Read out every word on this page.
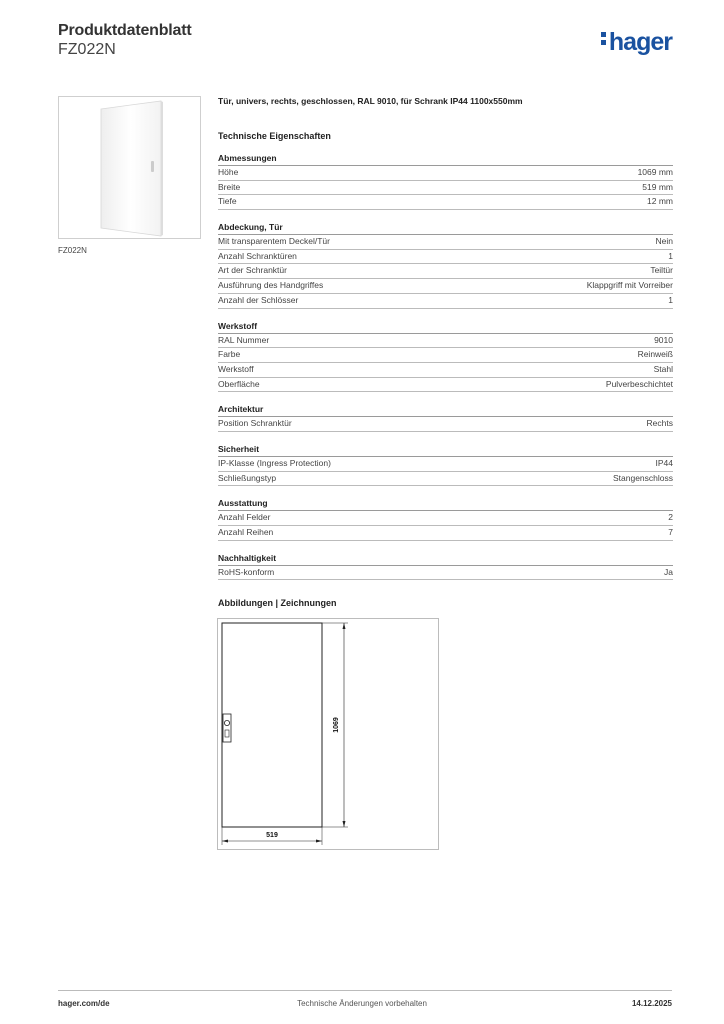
Produktdatenblatt
FZ022N	hager
FZ022N
Tür, univers, rechts, geschlossen, RAL 9010, für Schrank IP44 1100x550mm
Technische Eigenschaften
Abmessungen
Höhe	1069 mm
Breite	519 mm
Tiefe	12 mm
Abdeckung, Tür
Mit transparentem Deckel/Tür	Nein
Anzahl Schranktüren	1
Art der Schranktür	Teiltür
Ausführung des Handgriffes	Klappgriff mit Vorreiber
Anzahl der Schlösser	1
Werkstoff
RAL Nummer	9010
Farbe	Reinweiß
Werkstoff	Stahl
Oberfläche	Pulverbeschichtet
Architektur
Position Schranktür	Rechts
Sicherheit
IP-Klasse (Ingress Protection)	IP44
Schließungstyp	Stangenschloss
Ausstattung
Anzahl Felder	2
Anzahl Reihen	7
Nachhaltigkeit
RoHS-konform	Ja
Abbildungen | Zeichnungen
1069
519
hager.com/de	Technische Änderungen vorbehalten	14.12.2025
